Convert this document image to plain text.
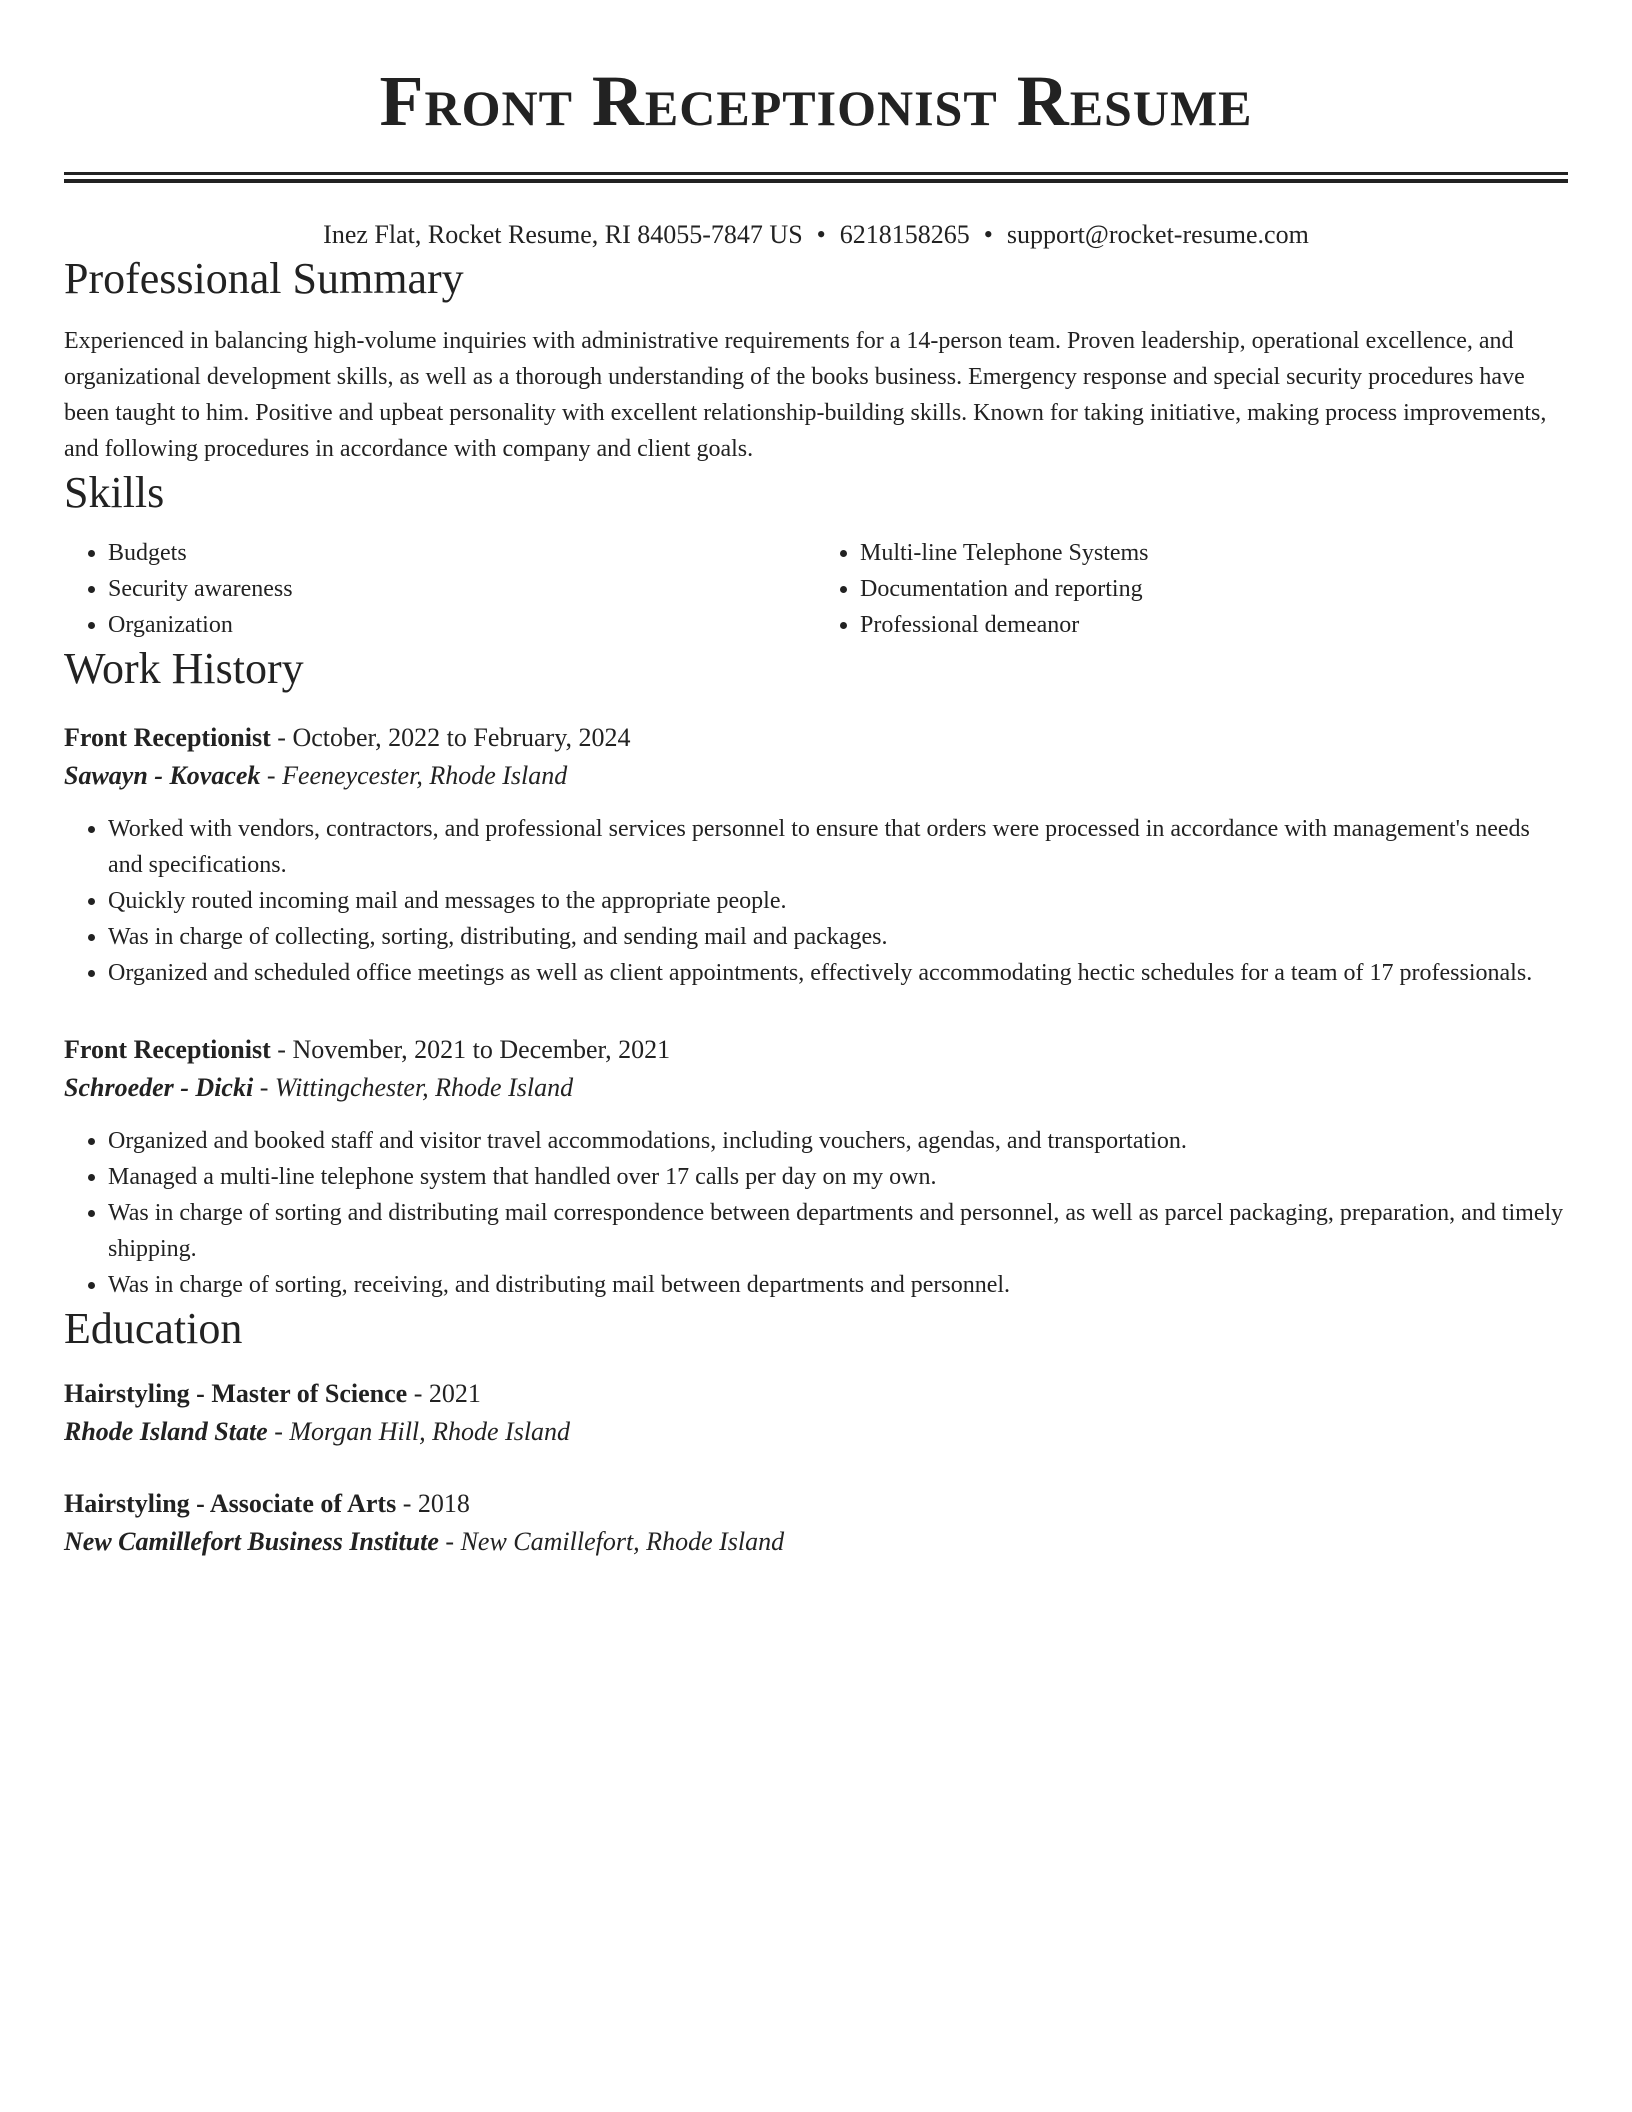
Front Receptionist Resume
Inez Flat, Rocket Resume, RI 84055-7847 US • 6218158265 • support@rocket-resume.com
Professional Summary

Experienced in balancing high-volume inquiries with administrative requirements for a 14-person team. Proven leadership, operational excellence, and organizational development skills, as well as a thorough understanding of the books business. Emergency response and special security procedures have been taught to him. Positive and upbeat personality with excellent relationship-building skills. Known for taking initiative, making process improvements, and following procedures in accordance with company and client goals.

Skills
• Budgets
• Security awareness
• Organization
• Multi-line Telephone Systems
• Documentation and reporting
• Professional demeanor
Work History
Front Receptionist - October, 2022 to February, 2024
Sawayn - Kovacek - Feeneycester, Rhode Island
• Worked with vendors, contractors, and professional services personnel to ensure that orders were processed in accordance with management's needs and specifications.
• Quickly routed incoming mail and messages to the appropriate people.
• Was in charge of collecting, sorting, distributing, and sending mail and packages.
• Organized and scheduled office meetings as well as client appointments, effectively accommodating hectic schedules for a team of 17 professionals.
Front Receptionist - November, 2021 to December, 2021
Schroeder - Dicki - Wittingchester, Rhode Island
• Organized and booked staff and visitor travel accommodations, including vouchers, agendas, and transportation.
• Managed a multi-line telephone system that handled over 17 calls per day on my own.
• Was in charge of sorting and distributing mail correspondence between departments and personnel, as well as parcel packaging, preparation, and timely shipping.
• Was in charge of sorting, receiving, and distributing mail between departments and personnel.
Education
Hairstyling - Master of Science - 2021
Rhode Island State - Morgan Hill, Rhode Island
Hairstyling - Associate of Arts - 2018
New Camillefort Business Institute - New Camillefort, Rhode Island
